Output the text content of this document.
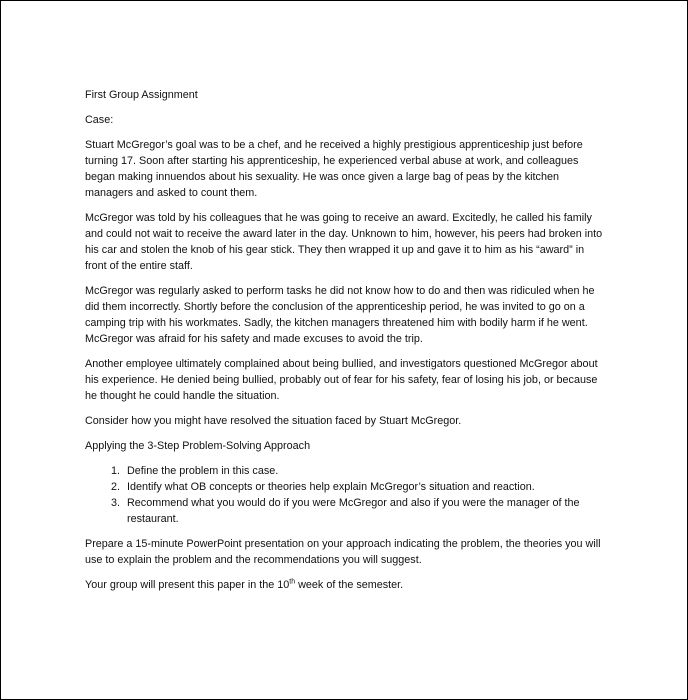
First Group Assignment

Case:

Stuart McGregor’s goal was to be a chef, and he received a highly prestigious apprenticeship just before turning 17. Soon after starting his apprenticeship, he experienced verbal abuse at work, and colleagues began making innuendos about his sexuality. He was once given a large bag of peas by the kitchen managers and asked to count them.

McGregor was told by his colleagues that he was going to receive an award. Excitedly, he called his family and could not wait to receive the award later in the day. Unknown to him, however, his peers had broken into his car and stolen the knob of his gear stick. They then wrapped it up and gave it to him as his “award” in front of the entire staff.

McGregor was regularly asked to perform tasks he did not know how to do and then was ridiculed when he did them incorrectly. Shortly before the conclusion of the apprenticeship period, he was invited to go on a camping trip with his workmates. Sadly, the kitchen managers threatened him with bodily harm if he went. McGregor was afraid for his safety and made excuses to avoid the trip.

Another employee ultimately complained about being bullied, and investigators questioned McGregor about his experience. He denied being bullied, probably out of fear for his safety, fear of losing his job, or because he thought he could handle the situation.

Consider how you might have resolved the situation faced by Stuart McGregor.

Applying the 3-Step Problem-Solving Approach

1. Define the problem in this case.
2. Identify what OB concepts or theories help explain McGregor’s situation and reaction.
3. Recommend what you would do if you were McGregor and also if you were the manager of the restaurant.

Prepare a 15-minute PowerPoint presentation on your approach indicating the problem, the theories you will use to explain the problem and the recommendations you will suggest.

Your group will present this paper in the 10th week of the semester.
